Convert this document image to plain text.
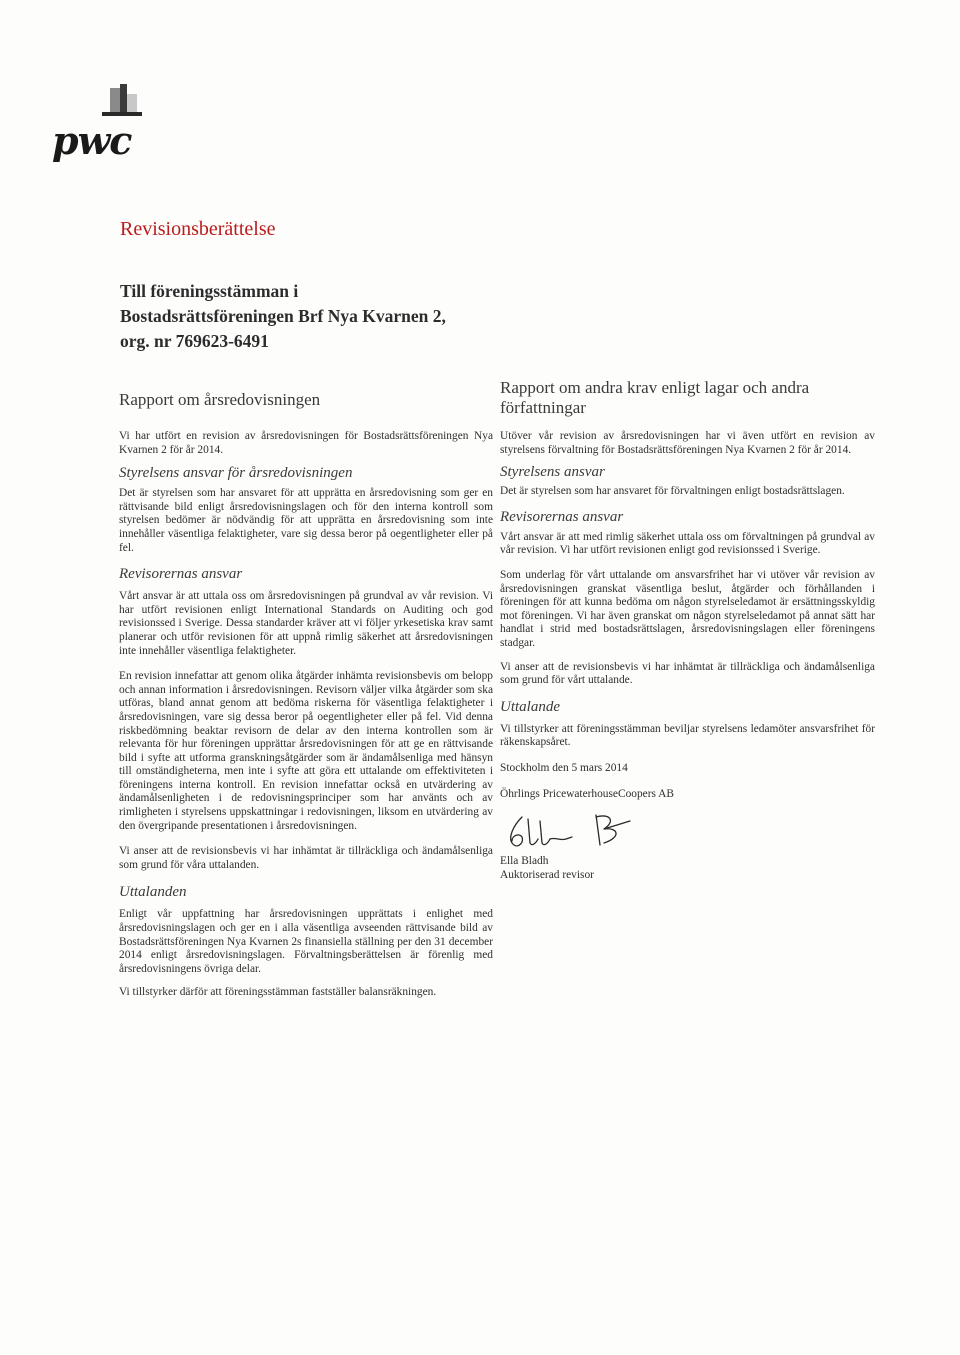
pwc
Revisionsberättelse
Till föreningsstämman i
Bostadsrättsföreningen Brf Nya Kvarnen 2,
org. nr 769623-6491
Rapport om årsredovisningen

Vi har utfört en revision av årsredovisningen för Bostadsrättsföreningen Nya Kvarnen 2 för år 2014.

Styrelsens ansvar för årsredovisningen

Det är styrelsen som har ansvaret för att upprätta en årsredovisning som ger en rättvisande bild enligt årsredovisningslagen och för den interna kontroll som styrelsen bedömer är nödvändig för att upprätta en årsredovisning som inte innehåller väsentliga felaktigheter, vare sig dessa beror på oegentligheter eller på fel.

Revisorernas ansvar

Vårt ansvar är att uttala oss om årsredovisningen på grundval av vår revision. Vi har utfört revisionen enligt International Standards on Auditing och god revisionssed i Sverige. Dessa standarder kräver att vi följer yrkesetiska krav samt planerar och utför revisionen för att uppnå rimlig säkerhet att årsredovisningen inte innehåller väsentliga felaktigheter.

En revision innefattar att genom olika åtgärder inhämta revisionsbevis om belopp och annan information i årsredovisningen. Revisorn väljer vilka åtgärder som ska utföras, bland annat genom att bedöma riskerna för väsentliga felaktigheter i årsredovisningen, vare sig dessa beror på oegentligheter eller på fel. Vid denna riskbedömning beaktar revisorn de delar av den interna kontrollen som är relevanta för hur föreningen upprättar årsredovisningen för att ge en rättvisande bild i syfte att utforma granskningsåtgärder som är ändamålsenliga med hänsyn till omständigheterna, men inte i syfte att göra ett uttalande om effektiviteten i föreningens interna kontroll. En revision innefattar också en utvärdering av ändamålsenligheten i de redovisningsprinciper som har använts och av rimligheten i styrelsens uppskattningar i redovisningen, liksom en utvärdering av den övergripande presentationen i årsredovisningen.

Vi anser att de revisionsbevis vi har inhämtat är tillräckliga och ändamålsenliga som grund för våra uttalanden.

Uttalanden

Enligt vår uppfattning har årsredovisningen upprättats i enlighet med årsredovisningslagen och ger en i alla väsentliga avseenden rättvisande bild av Bostadsrättsföreningen Nya Kvarnen 2s finansiella ställning per den 31 december 2014 enligt årsredovisningslagen. Förvaltningsberättelsen är förenlig med årsredovisningens övriga delar.

Vi tillstyrker därför att föreningsstämman fastställer balansräkningen.

Rapport om andra krav enligt lagar och andra författningar

Utöver vår revision av årsredovisningen har vi även utfört en revision av styrelsens förvaltning för Bostadsrättsföreningen Nya Kvarnen 2 för år 2014.

Styrelsens ansvar

Det är styrelsen som har ansvaret för förvaltningen enligt bostadsrättslagen.

Revisorernas ansvar

Vårt ansvar är att med rimlig säkerhet uttala oss om förvaltningen på grundval av vår revision. Vi har utfört revisionen enligt god revisionssed i Sverige.

Som underlag för vårt uttalande om ansvarsfrihet har vi utöver vår revision av årsredovisningen granskat väsentliga beslut, åtgärder och förhållanden i föreningen för att kunna bedöma om någon styrelseledamot är ersättningsskyldig mot föreningen. Vi har även granskat om någon styrelseledamot på annat sätt har handlat i strid med bostadsrättslagen, årsredovisningslagen eller föreningens stadgar.

Vi anser att de revisionsbevis vi har inhämtat är tillräckliga och ändamålsenliga som grund för vårt uttalande.

Uttalande

Vi tillstyrker att föreningsstämman beviljar styrelsens ledamöter ansvarsfrihet för räkenskapsåret.

Stockholm den 5 mars 2014

Öhrlings PricewaterhouseCoopers AB

Ella Bladh

Auktoriserad revisor
